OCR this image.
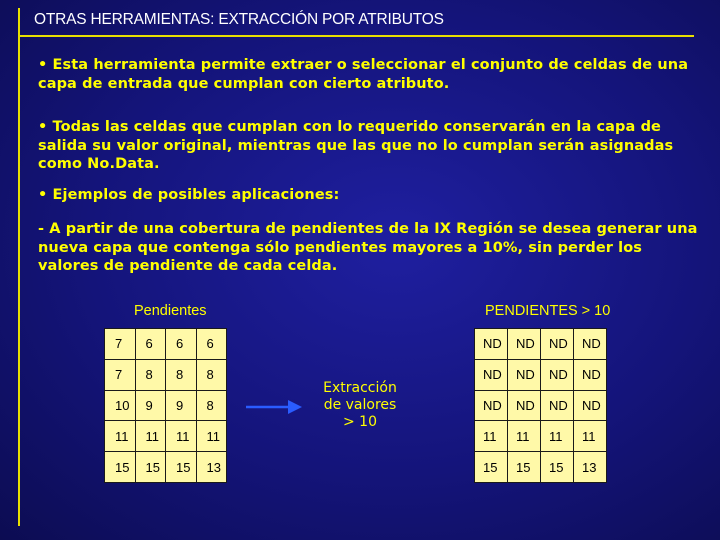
OTRAS HERRAMIENTAS: EXTRACCIÓN POR ATRIBUTOS
• Esta herramienta permite extraer o seleccionar el conjunto de celdas de una capa de entrada que cumplan con cierto atributo.
• Todas las celdas que cumplan con lo requerido conservarán en la capa de salida su valor original, mientras que las que no lo cumplan serán asignadas como No.Data.
• Ejemplos de posibles aplicaciones:
- A partir de una cobertura de pendientes de la IX Región se desea generar una nueva capa que contenga sólo pendientes mayores a 10%, sin perder los valores de pendiente de cada celda.
Pendientes	PENDIENTES > 10
7	6	6	6
7	8	8	8
10	9	9	8
11	11	11	11
15	15	15	13
ND	ND	ND	ND
ND	ND	ND	ND
ND	ND	ND	ND
11	11	11	11
15	15	15	13
Extracción
de valores
> 10
